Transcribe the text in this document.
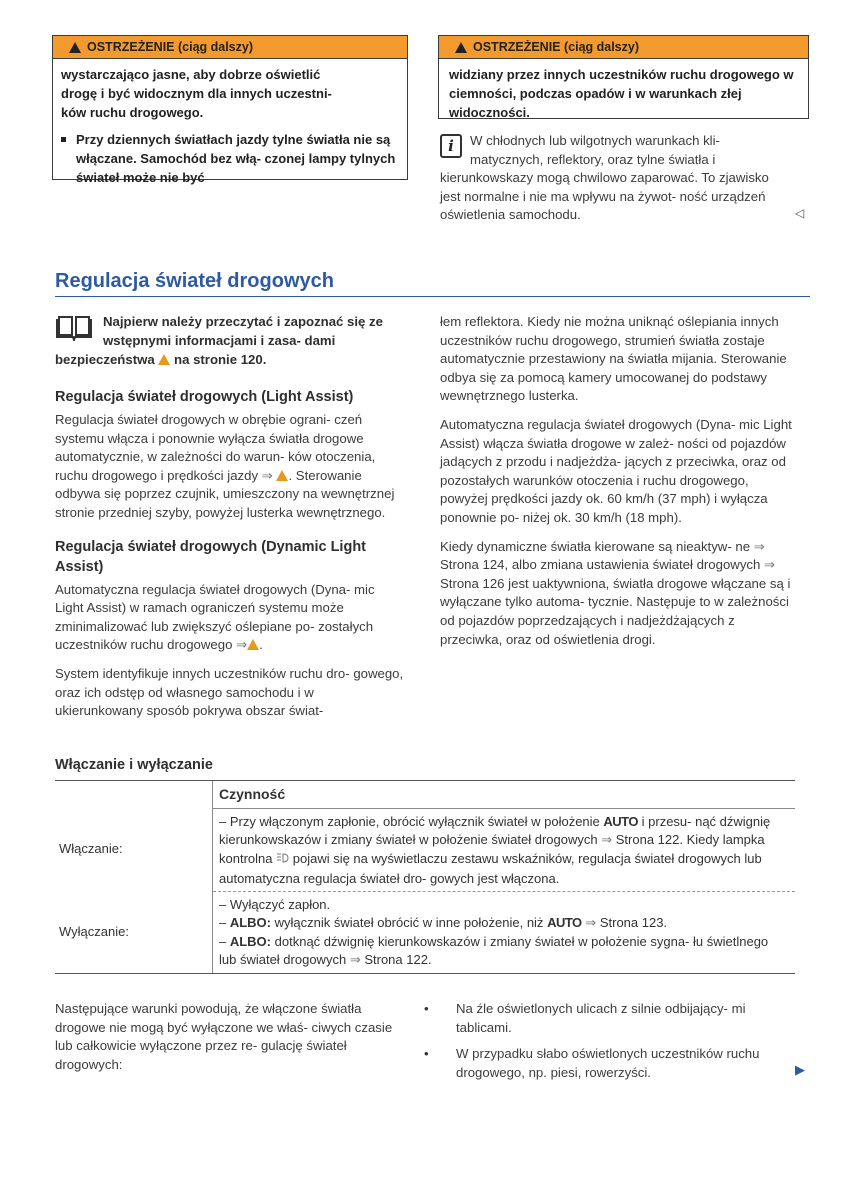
OSTRZEŻENIE (ciąg dalszy)

wystarczająco jasne, aby dobrze oświetlić

drogę i być widocznym dla innych uczestni-

ków ruchu drogowego.

Przy dziennych światłach jazdy tylne światła nie są włączane. Samochód bez włą- czonej lampy tylnych świateł może nie być

OSTRZEŻENIE (ciąg dalszy)

widziany przez innych uczestników ruchu drogowego w ciemności, podczas opadów i w warunkach złej widoczności.

i	W chłodnych lub wilgotnych warunkach kli- matycznych, reflektory, oraz tylne światła i kierunkowskazy mogą chwilowo zaparować. To zjawisko jest normalne i nie ma wpływu na żywot- ność urządzeń oświetlenia samochodu.	◁
Regulacja świateł drogowych
Najpierw należy przeczytać i zapoznać się ze wstępnymi informacjami i zasa- dami bezpieczeństwa na stronie 120.
Regulacja świateł drogowych (Light Assist)
Regulacja świateł drogowych w obrębie ograni- czeń systemu włącza i ponownie wyłącza światła drogowe automatycznie, w zależności do warun- ków otoczenia, ruchu drogowego i prędkości jazdy ⇒ . Sterowanie odbywa się poprzez czujnik, umieszczony na wewnętrznej stronie przedniej szyby, powyżej lusterka wewnętrznego.
Regulacja świateł drogowych (Dynamic Light Assist)
Automatyczna regulacja świateł drogowych (Dyna- mic Light Assist) w ramach ograniczeń systemu może zminimalizować lub zwiększyć oślepiane po- zostałych uczestników ruchu drogowego ⇒ .
System identyfikuje innych uczestników ruchu dro- gowego, oraz ich odstęp od własnego samochodu i w ukierunkowany sposób pokrywa obszar świat-

łem reflektora. Kiedy nie można uniknąć oślepiania innych uczestników ruchu drogowego, strumień światła zostaje automatycznie przestawiony na światła mijania. Sterowanie odbya się za pomocą kamery umocowanej do podstawy wewnętrznego lusterka.

Automatyczna regulacja świateł drogowych (Dyna- mic Light Assist) włącza światła drogowe w zależ- ności od pojazdów jadących z przodu i nadjeżdża- jących z przeciwka, oraz od pozostałych warunków otoczenia i ruchu drogowego, powyżej prędkości jazdy ok. 60 km/h (37 mph) i wyłącza ponownie po- niżej ok. 30 km/h (18 mph).

Kiedy dynamiczne światła kierowane są nieaktyw- ne ⇒ Strona 124, albo zmiana ustawienia świateł drogowych ⇒ Strona 126 jest uaktywniona, światła drogowe włączane są i wyłączane tylko automa- tycznie. Następuje to w zależności od pojazdów poprzedzających i nadjeżdżających z przeciwka, oraz od oświetlenia drogi.

Włączanie i wyłączanie
	Czynność
Włączanie:	– Przy włączonym zapłonie, obrócić wyłącznik świateł w położenie AUTO i przesu- nąć dźwignię kierunkowskazów i zmiany świateł w położenie świateł drogowych ⇒ Strona 122. Kiedy lampka kontrolna pojawi się na wyświetlaczu zestawu wskaźników, regulacja świateł drogowych lub automatyczna regulacja świateł dro- gowych jest włączona.
Wyłączanie:	– Wyłączyć zapłon.
– ALBO: wyłącznik świateł obrócić w inne położenie, niż AUTO ⇒ Strona 123.
– ALBO: dotknąć dźwignię kierunkowskazów i zmiany świateł w położenie sygna- łu świetlnego lub świateł drogowych ⇒ Strona 122.
Następujące warunki powodują, że włączone światła drogowe nie mogą być wyłączone we właś- ciwych czasie lub całkowicie wyłączone przez re- gulację świateł drogowych:
• Na źle oświetlonych ulicach z silnie odbijający- mi tablicami.
• W przypadku słabo oświetlonych uczestników ruchu drogowego, np. piesi, rowerzyści.	▶
